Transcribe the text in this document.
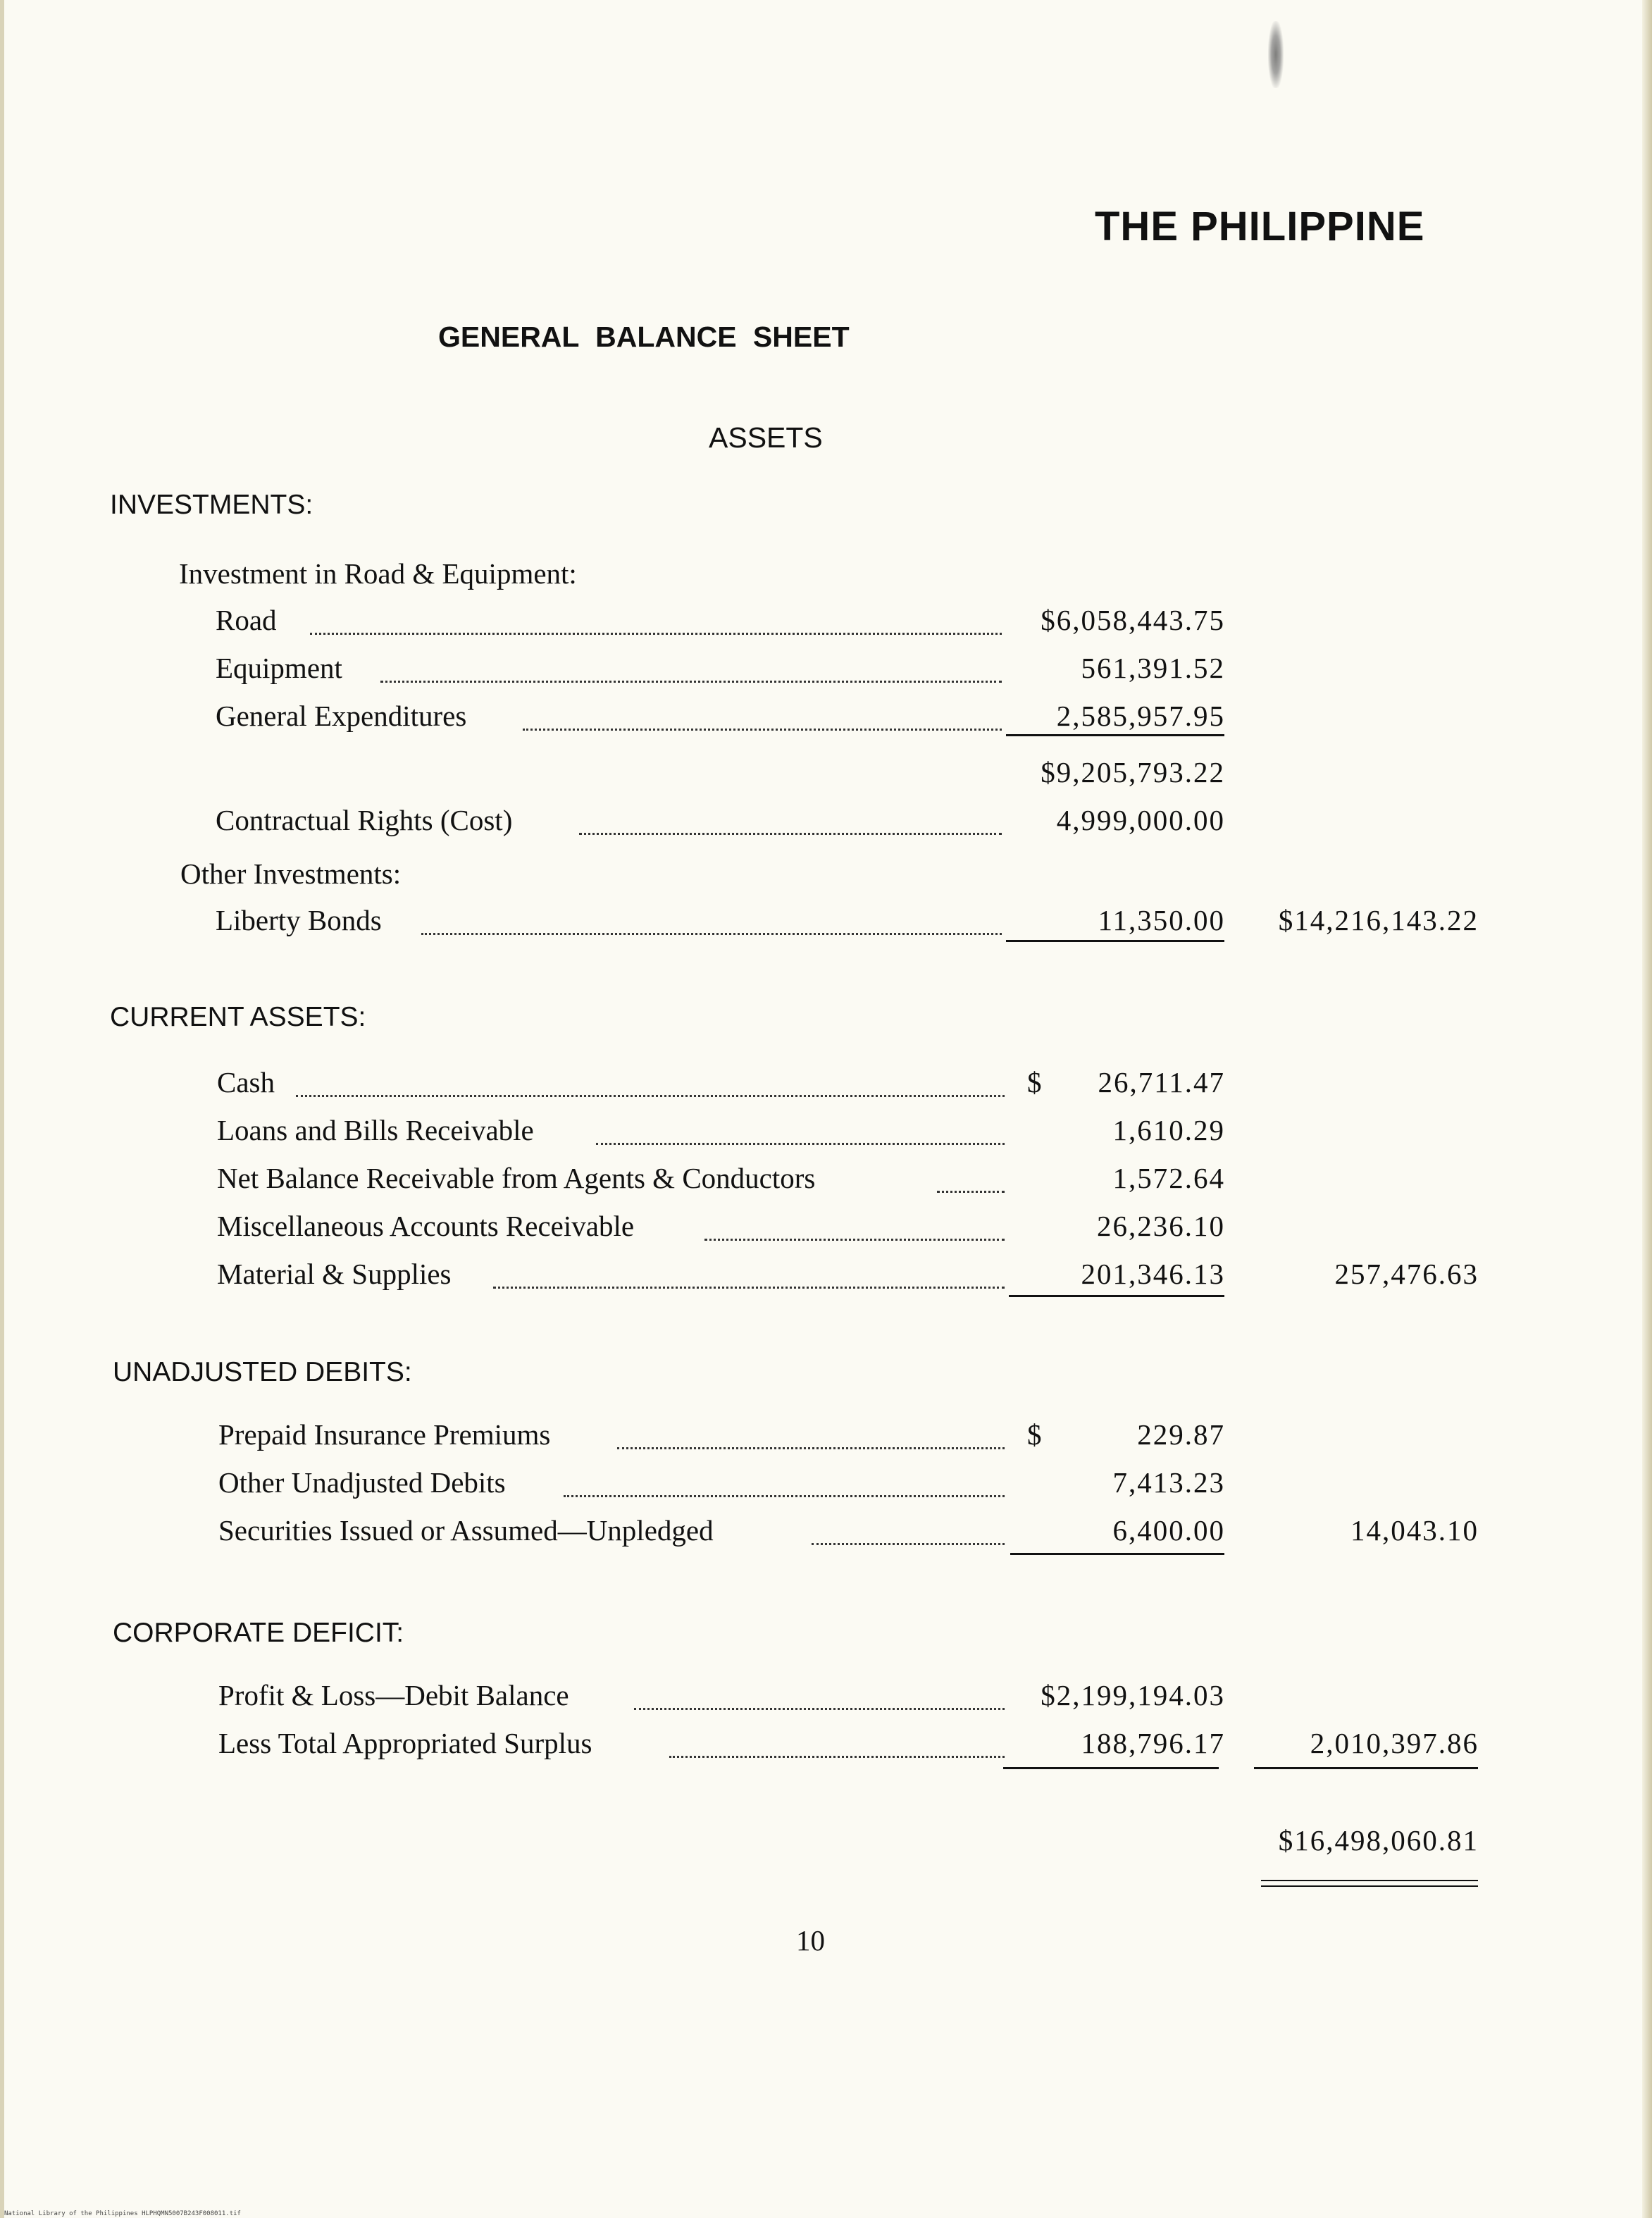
THE PHILIPPINE
GENERAL BALANCE SHEET
ASSETS
INVESTMENTS:
Investment in Road & Equipment:
Road	$6,058,443.75
Equipment	561,391.52
General Expenditures	2,585,957.95
$9,205,793.22
Contractual Rights (Cost)	4,999,000.00
Other Investments:
Liberty Bonds	11,350.00 $14,216,143.22
CURRENT ASSETS:
Cash	$ 26,711.47
Loans and Bills Receivable	1,610.29
Net Balance Receivable from Agents & Conductors	1,572.64
Miscellaneous Accounts Receivable	26,236.10
Material & Supplies	201,346.13	257,476.63
UNADJUSTED DEBITS:
Prepaid Insurance Premiums	$	229.87
Other Unadjusted Debits	7,413.23
Securities Issued or Assumed—Unpledged	6,400.00	14,043.10
CORPORATE DEFICIT:
Profit & Loss—Debit Balance	$2,199,194.03
Less Total Appropriated Surplus	188,796.17	2,010,397.86
$16,498,060.81
10
National Library of the Philippines HLPHQMN5007B243F008011.tif
